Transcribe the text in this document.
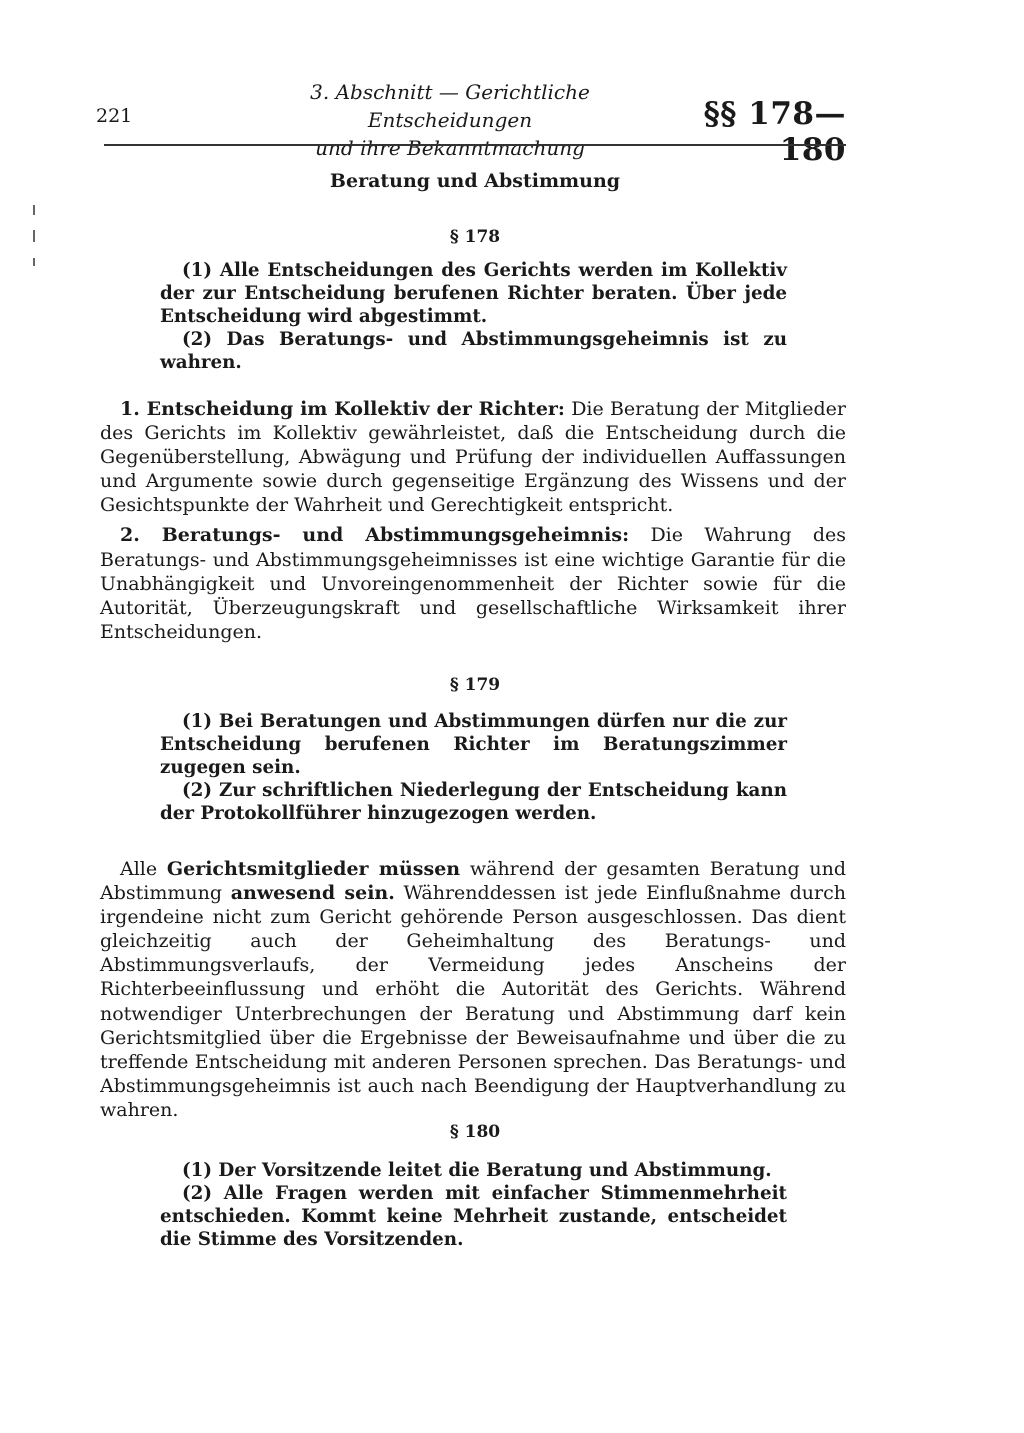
221
3. Abschnitt — Gerichtliche Entscheidungen
und ihre Bekanntmachung
§§ 178—180
Beratung und Abstimmung
§ 178

(1) Alle Entscheidungen des Gerichts werden im Kollektiv der zur Entscheidung berufenen Richter beraten. Über jede Entscheidung wird abgestimmt.

(2) Das Beratungs- und Abstimmungsgeheimnis ist zu wahren.

1. Entscheidung im Kollektiv der Richter: Die Beratung der Mitglieder des Gerichts im Kollektiv gewährleistet, daß die Entscheidung durch die Gegenüberstellung, Abwägung und Prüfung der individuellen Auffassungen und Argumente sowie durch gegenseitige Ergänzung des Wissens und der Gesichtspunkte der Wahrheit und Gerechtigkeit entspricht.

2. Beratungs- und Abstimmungsgeheimnis: Die Wahrung des Beratungs- und Abstimmungsgeheimnisses ist eine wichtige Garantie für die Unabhängigkeit und Unvoreingenommenheit der Richter sowie für die Autorität, Überzeugungskraft und gesellschaftliche Wirksamkeit ihrer Entscheidungen.

§ 179

(1) Bei Beratungen und Abstimmungen dürfen nur die zur Entscheidung berufenen Richter im Beratungszimmer zugegen sein.

(2) Zur schriftlichen Niederlegung der Entscheidung kann der Protokollführer hinzugezogen werden.

Alle Gerichtsmitglieder müssen während der gesamten Beratung und Abstimmung anwesend sein. Währenddessen ist jede Einflußnahme durch irgendeine nicht zum Gericht gehörende Person ausgeschlossen. Das dient gleichzeitig auch der Geheimhaltung des Beratungs- und Abstimmungsverlaufs, der Vermeidung jedes Anscheins der Richterbeeinflussung und erhöht die Autorität des Gerichts. Während notwendiger Unterbrechungen der Beratung und Abstimmung darf kein Gerichtsmitglied über die Ergebnisse der Beweisaufnahme und über die zu treffende Entscheidung mit anderen Personen sprechen. Das Beratungs- und Abstimmungsgeheimnis ist auch nach Beendigung der Hauptverhandlung zu wahren.

§ 180

(1) Der Vorsitzende leitet die Beratung und Abstimmung.

(2) Alle Fragen werden mit einfacher Stimmenmehrheit entschieden. Kommt keine Mehrheit zustande, entscheidet die Stimme des Vorsitzenden.
